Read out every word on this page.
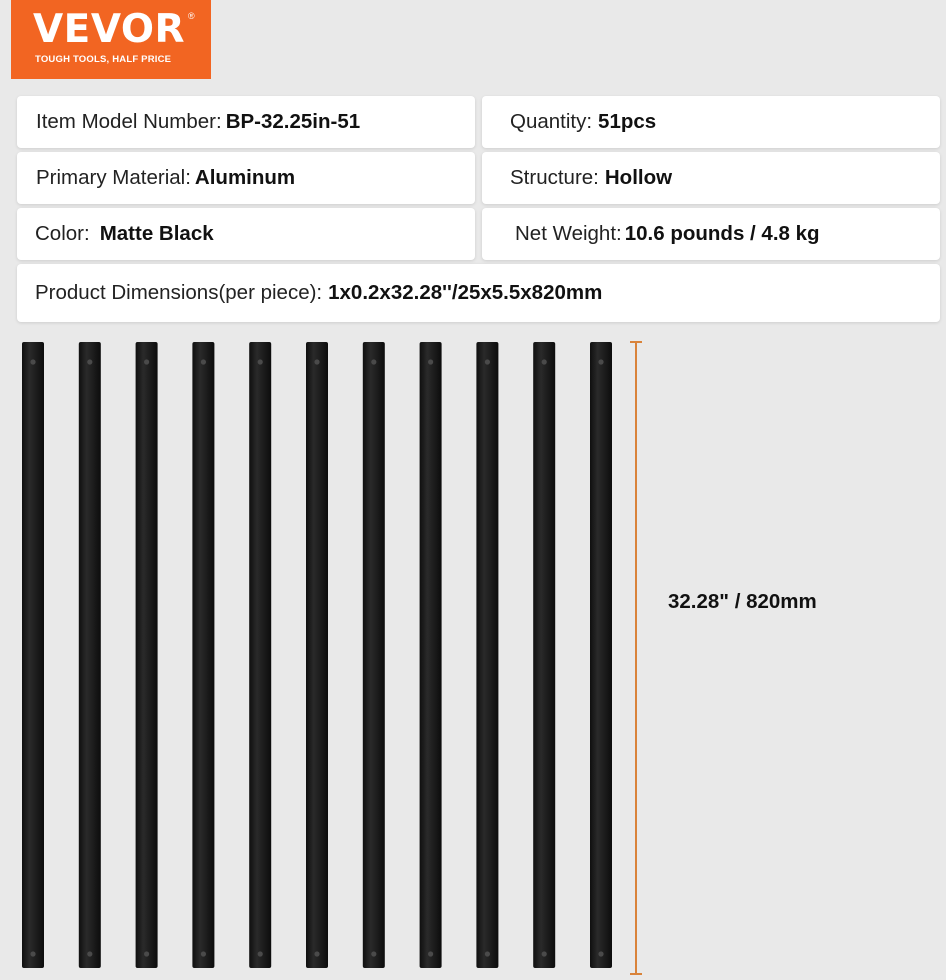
VEVOR ®
TOUGH TOOLS, HALF PRICE
Item Model Number: BP-32.25in-51	Quantity: 51pcs
Primary Material: Aluminum	Structure: Hollow
Color: Matte Black	Net Weight: 10.6 pounds / 4.8 kg
Product Dimensions(per piece): 1x0.2x32.28''/25x5.5x820mm
32.28" / 820mm
